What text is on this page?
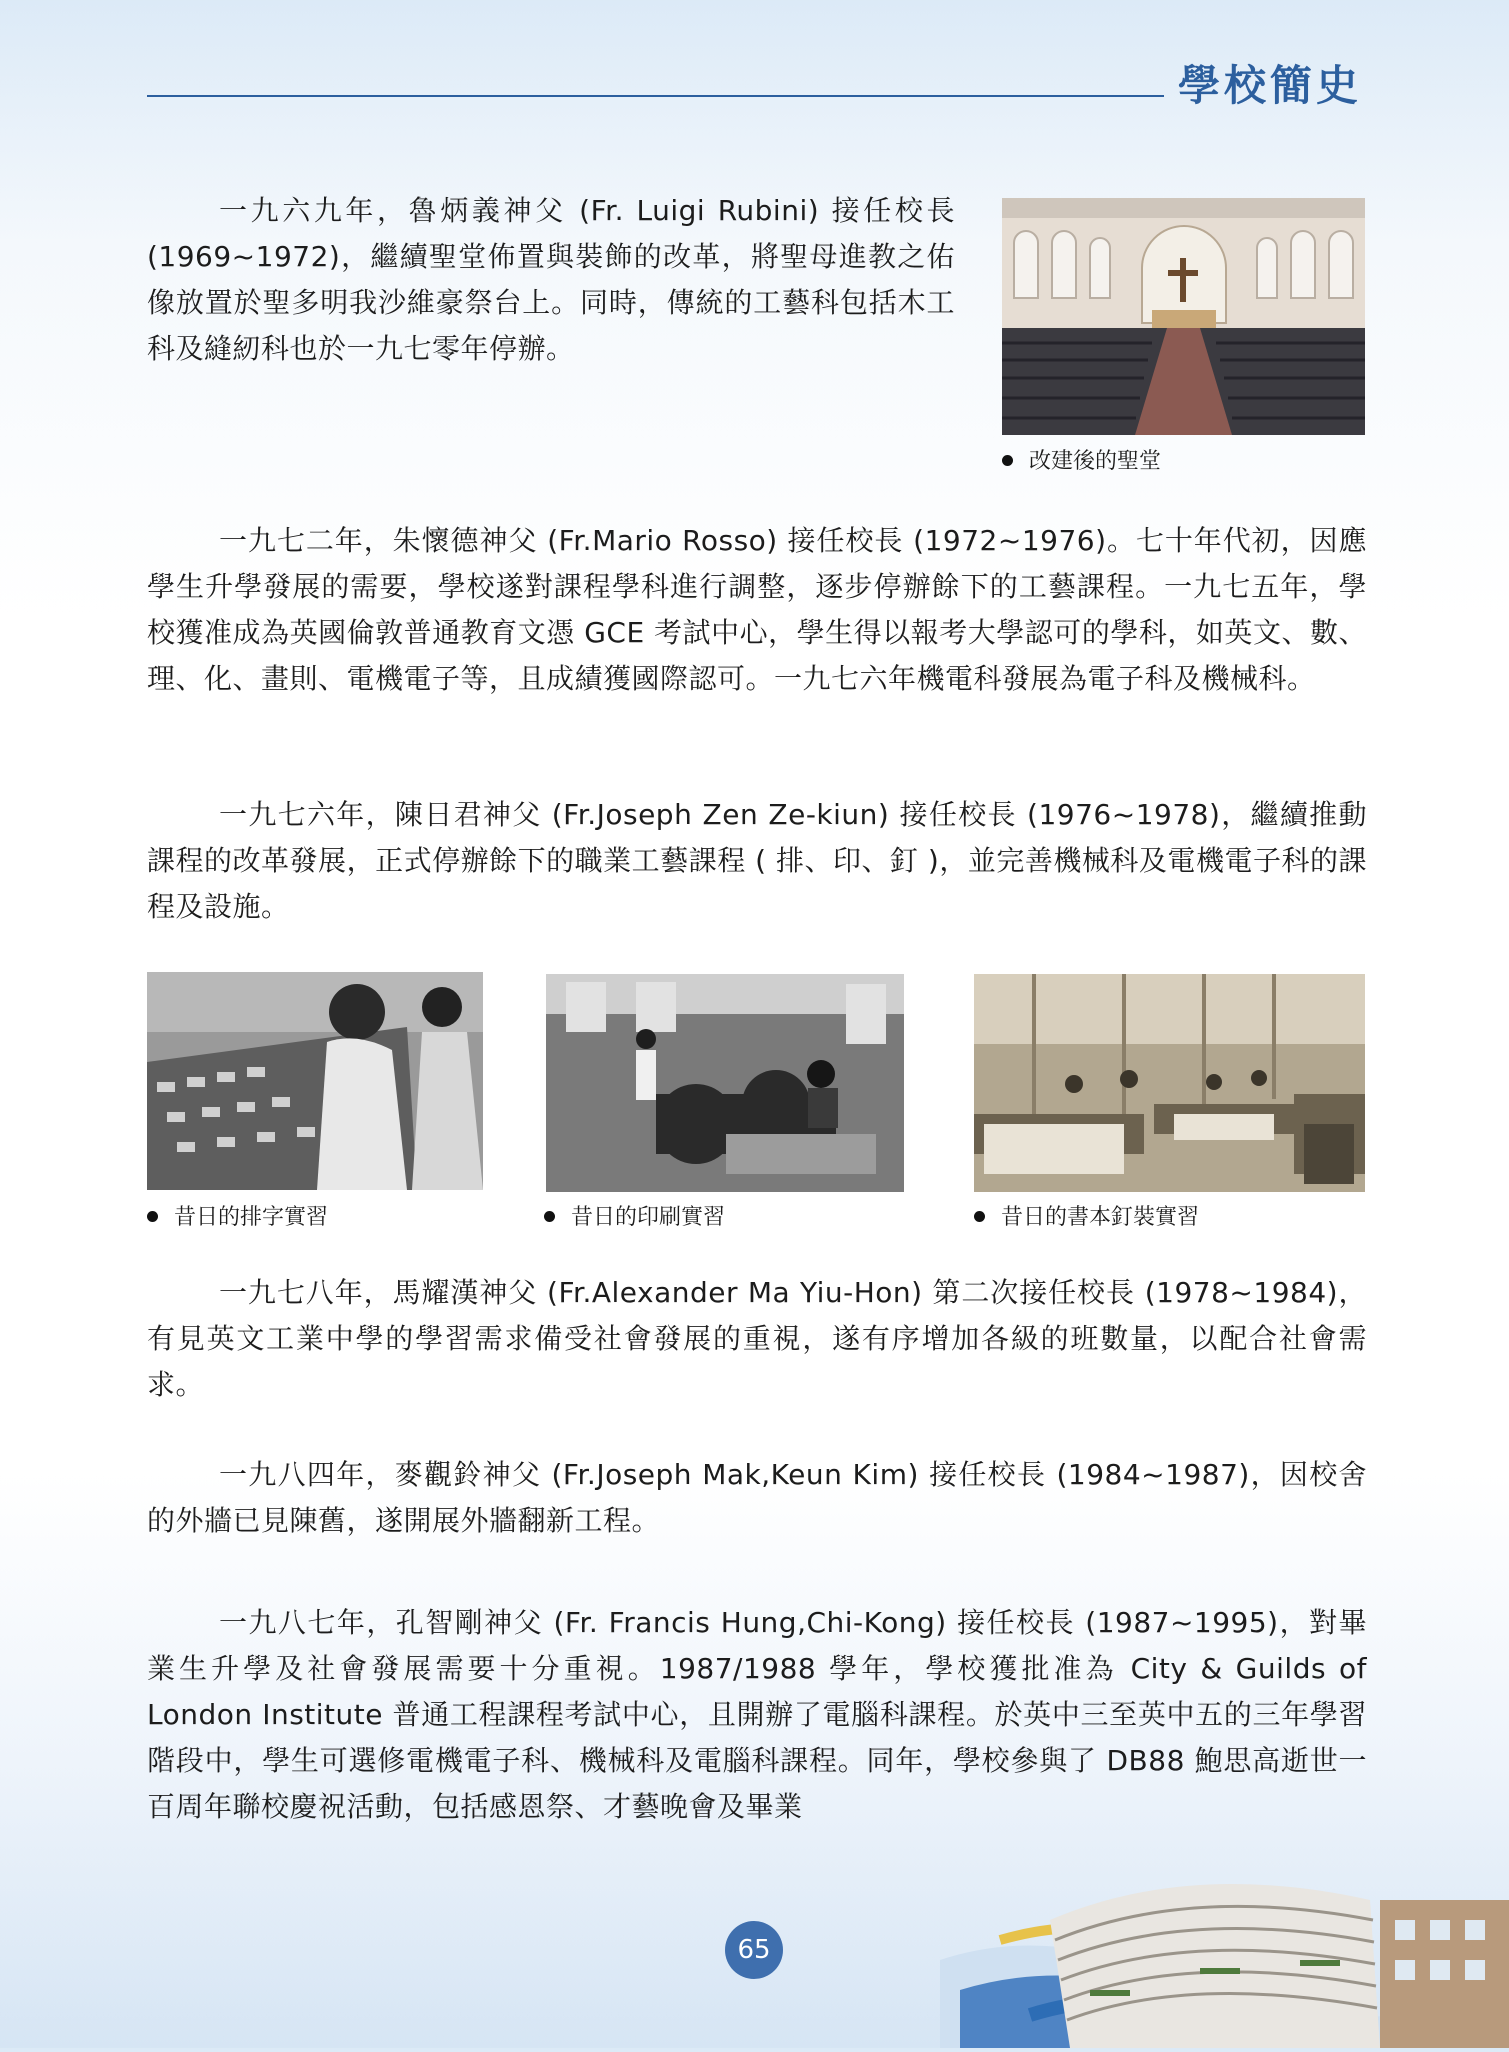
學校簡史

一九六九年，魯炳義神父 (Fr. Luigi Rubini) 接任校長 (1969~1972)，繼續聖堂佈置與裝飾的改革，將聖母進教之佑像放置於聖多明我沙維豪祭台上。同時，傳統的工藝科包括木工科及縫紉科也於一九七零年停辦。

改建後的聖堂

一九七二年，朱懷德神父 (Fr.Mario Rosso) 接任校長 (1972~1976)。七十年代初，因應學生升學發展的需要，學校遂對課程學科進行調整，逐步停辦餘下的工藝課程。一九七五年，學校獲准成為英國倫敦普通教育文憑 GCE 考試中心，學生得以報考大學認可的學科，如英文、數、理、化、畫則、電機電子等，且成績獲國際認可。一九七六年機電科發展為電子科及機械科。

一九七六年，陳日君神父 (Fr.Joseph Zen Ze-kiun) 接任校長 (1976~1978)，繼續推動課程的改革發展，正式停辦餘下的職業工藝課程 ( 排、印、釘 )，並完善機械科及電機電子科的課程及設施。

昔日的排字實習	昔日的印刷實習	昔日的書本釘裝實習

一九七八年，馬耀漢神父 (Fr.Alexander Ma Yiu-Hon) 第二次接任校長 (1978~1984)，有見英文工業中學的學習需求備受社會發展的重視，遂有序增加各級的班數量，以配合社會需求。

一九八四年，麥觀鈴神父 (Fr.Joseph Mak,Keun Kim) 接任校長 (1984~1987)，因校舍的外牆已見陳舊，遂開展外牆翻新工程。

一九八七年，孔智剛神父 (Fr. Francis Hung,Chi-Kong) 接任校長 (1987~1995)，對畢業生升學及社會發展需要十分重視。1987/1988 學年，學校獲批准為 City & Guilds of London Institute 普通工程課程考試中心，且開辦了電腦科課程。於英中三至英中五的三年學習階段中，學生可選修電機電子科、機械科及電腦科課程。同年，學校參與了 DB88 鮑思高逝世一百周年聯校慶祝活動，包括感恩祭、才藝晚會及畢業

65
